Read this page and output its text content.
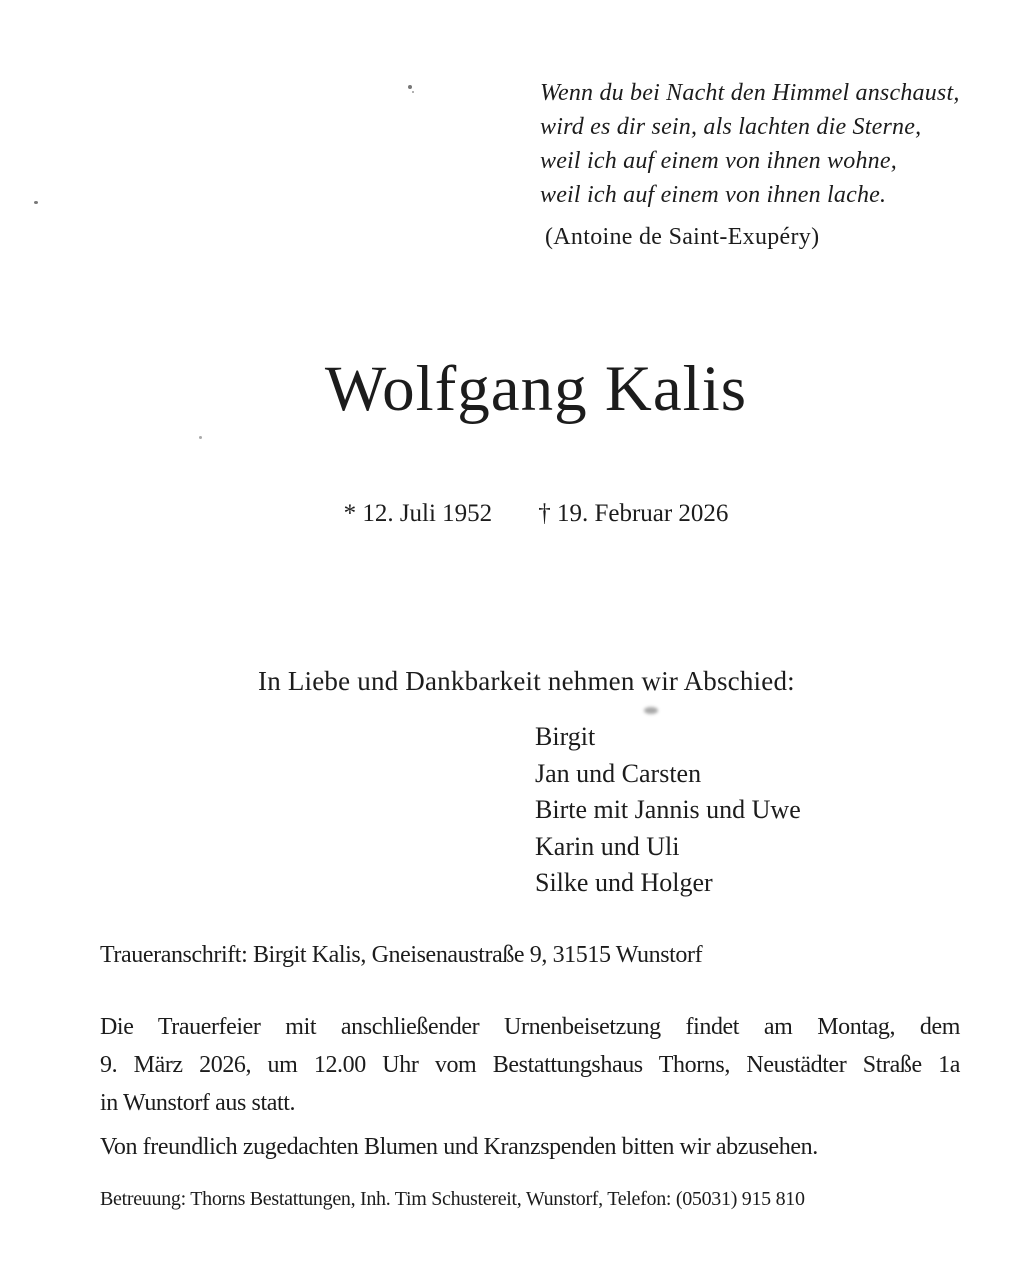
Wenn du bei Nacht den Himmel anschaust,
wird es dir sein, als lachten die Sterne,
weil ich auf einem von ihnen wohne,
weil ich auf einem von ihnen lache.
(Antoine de Saint-Exupéry)
Wolfgang Kalis
* 12. Juli 1952 † 19. Februar 2026
In Liebe und Dankbarkeit nehmen wir Abschied:
Birgit
Jan und Carsten
Birte mit Jannis und Uwe
Karin und Uli
Silke und Holger
Traueranschrift: Birgit Kalis, Gneisenaustraße 9, 31515 Wunstorf
Die Trauerfeier mit anschließender Urnenbeisetzung findet am Montag, dem
9. März 2026, um 12.00 Uhr vom Bestattungshaus Thorns, Neustädter Straße 1a
in Wunstorf aus statt.
Von freundlich zugedachten Blumen und Kranzspenden bitten wir abzusehen.
Betreuung: Thorns Bestattungen, Inh. Tim Schustereit, Wunstorf, Telefon: (05031) 915 810
